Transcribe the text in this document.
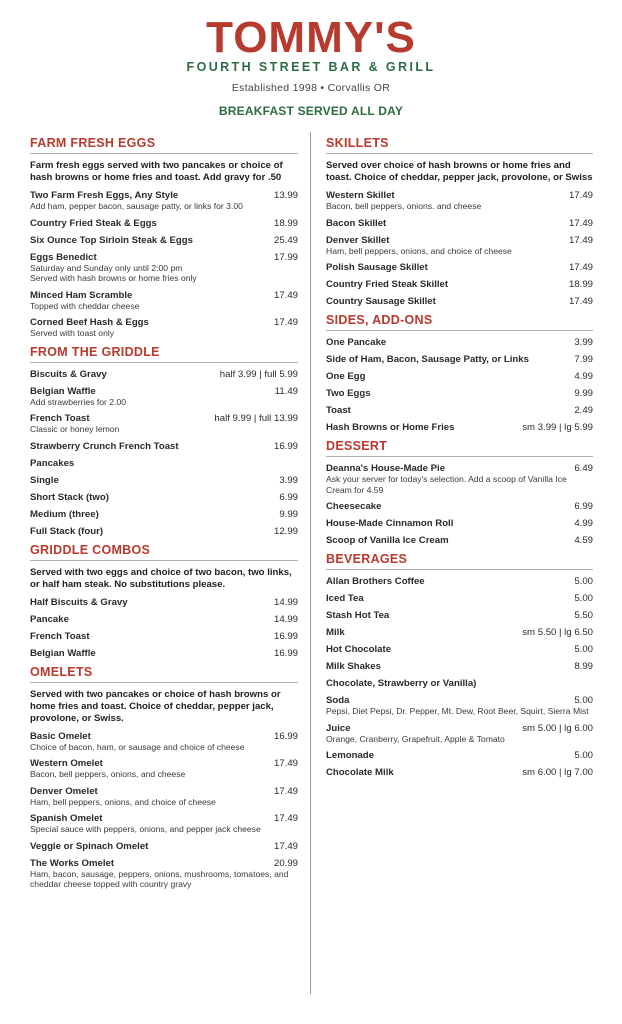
TOMMY'S
FOURTH STREET BAR & GRILL
Established 1998 • Corvallis OR
BREAKFAST SERVED ALL DAY
FARM FRESH EGGS
Farm fresh eggs served with two pancakes or choice of hash browns or home fries and toast. Add gravy for .50
Two Farm Fresh Eggs, Any Style	13.99
Add ham, pepper bacon, sausage patty, or links for 3.00
Country Fried Steak & Eggs	18.99
Six Ounce Top Sirloin Steak & Eggs	25.49
Eggs Benedict	17.99
Saturday and Sunday only until 2:00 pm
Served with hash browns or home fries only
Minced Ham Scramble	17.49
Topped with cheddar cheese
Corned Beef Hash & Eggs	17.49
Served with toast only
FROM THE GRIDDLE
Biscuits & Gravy	half 3.99 | full 5.99
Belgian Waffle	11.49
Add strawberries for 2.00
French Toast	half 9.99 | full 13.99
Classic or honey lemon
Strawberry Crunch French Toast	16.99
Pancakes
Single	3.99
Short Stack (two)	6.99
Medium (three)	9.99
Full Stack (four)	12.99
GRIDDLE COMBOS
Served with two eggs and choice of two bacon, two links, or half ham steak. No substitutions please.
Half Biscuits & Gravy	14.99
Pancake	14.99
French Toast	16.99
Belgian Waffle	16.99
OMELETS
Served with two pancakes or choice of hash browns or home fries and toast. Choice of cheddar, pepper jack, provolone, or Swiss.
Basic Omelet	16.99
Choice of bacon, ham, or sausage and choice of cheese
Western Omelet	17.49
Bacon, bell peppers, onions, and cheese
Denver Omelet	17.49
Ham, bell peppers, onions, and choice of cheese
Spanish Omelet	17.49
Special sauce with peppers, onions, and pepper jack cheese
Veggie or Spinach Omelet	17.49
The Works Omelet	20.99
Ham, bacon, sausage, peppers, onions, mushrooms, tomatoes, and cheddar cheese topped with country gravy
SKILLETS
Served over choice of hash browns or home fries and toast. Choice of cheddar, pepper jack, provolone, or Swiss
Western Skillet	17.49
Bacon, bell peppers, onions. and cheese
Bacon Skillet	17.49
Denver Skillet	17.49
Ham, bell peppers, onions, and choice of cheese
Polish Sausage Skillet	17.49
Country Fried Steak Skillet	18.99
Country Sausage Skillet	17.49
SIDES, ADD-ONS
One Pancake	3.99
Side of Ham, Bacon, Sausage Patty, or Links	7.99
One Egg	4.99
Two Eggs	9.99
Toast	2.49
Hash Browns or Home Fries	sm 3.99 | lg 5.99
DESSERT
Deanna's House-Made Pie	6.49
Ask your server for today's selection. Add a scoop of Vanilla Ice Cream for 4.59
Cheesecake	6.99
House-Made Cinnamon Roll	4.99
Scoop of Vanilla Ice Cream	4.59
BEVERAGES
Allan Brothers Coffee	5.00
Iced Tea	5.00
Stash Hot Tea	5.50
Milk	sm 5.50 | lg 6.50
Hot Chocolate	5.00
Milk Shakes	8.99
Chocolate, Strawberry or Vanilla)
Soda	5.00
Pepsi, Diet Pepsi, Dr. Pepper, Mt. Dew, Root Beer, Squirt, Sierra Mist
Juice	sm 5.00 | lg 6.00
Orange, Cranberry, Grapefruit, Apple & Tomato
Lemonade	5.00
Chocolate Milk	sm 6.00 | lg 7.00
